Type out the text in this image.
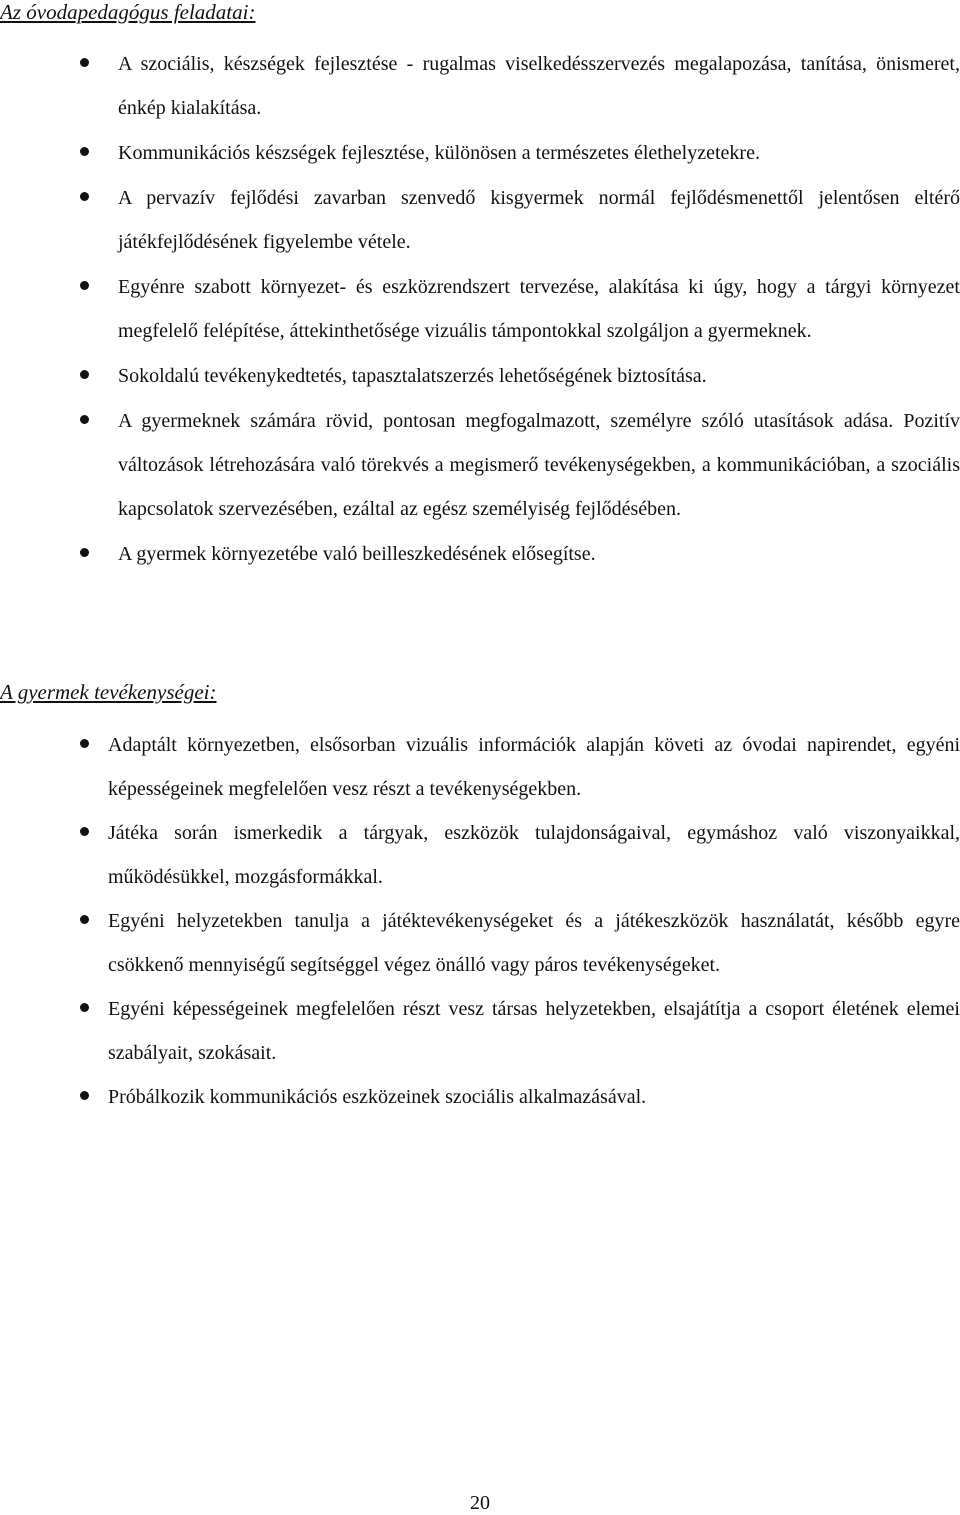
Az óvodapedagógus feladatai:
A szociális, készségek fejlesztése - rugalmas viselkedésszervezés megalapozása, tanítása, önismeret, énkép kialakítása.
Kommunikációs készségek fejlesztése, különösen a természetes élethelyzetekre.
A pervazív fejlődési zavarban szenvedő kisgyermek normál fejlődésmenettől jelentősen eltérő játékfejlődésének figyelembe vétele.
Egyénre szabott környezet- és eszközrendszert tervezése, alakítása ki úgy, hogy a tárgyi környezet megfelelő felépítése, áttekinthetősége vizuális támpontokkal szolgáljon a gyermeknek.
Sokoldalú tevékenykedtetés, tapasztalatszerzés lehetőségének biztosítása.
A gyermeknek számára rövid, pontosan megfogalmazott, személyre szóló utasítások adása. Pozitív változások létrehozására való törekvés a megismerő tevékenységekben, a kommunikációban, a szociális kapcsolatok szervezésében, ezáltal az egész személyiség fejlődésében.
A gyermek környezetébe való beilleszkedésének elősegítse.
A gyermek tevékenységei:
Adaptált környezetben, elsősorban vizuális információk alapján követi az óvodai napirendet, egyéni képességeinek megfelelően vesz részt a tevékenységekben.
Játéka során ismerkedik a tárgyak, eszközök tulajdonságaival, egymáshoz való viszonyaikkal, működésükkel, mozgásformákkal.
Egyéni helyzetekben tanulja a játéktevékenységeket és a játékeszközök használatát, később egyre csökkenő mennyiségű segítséggel végez önálló vagy páros tevékenységeket.
Egyéni képességeinek megfelelően részt vesz társas helyzetekben, elsajátítja a csoport életének elemei szabályait, szokásait.
Próbálkozik kommunikációs eszközeinek szociális alkalmazásával.
20
